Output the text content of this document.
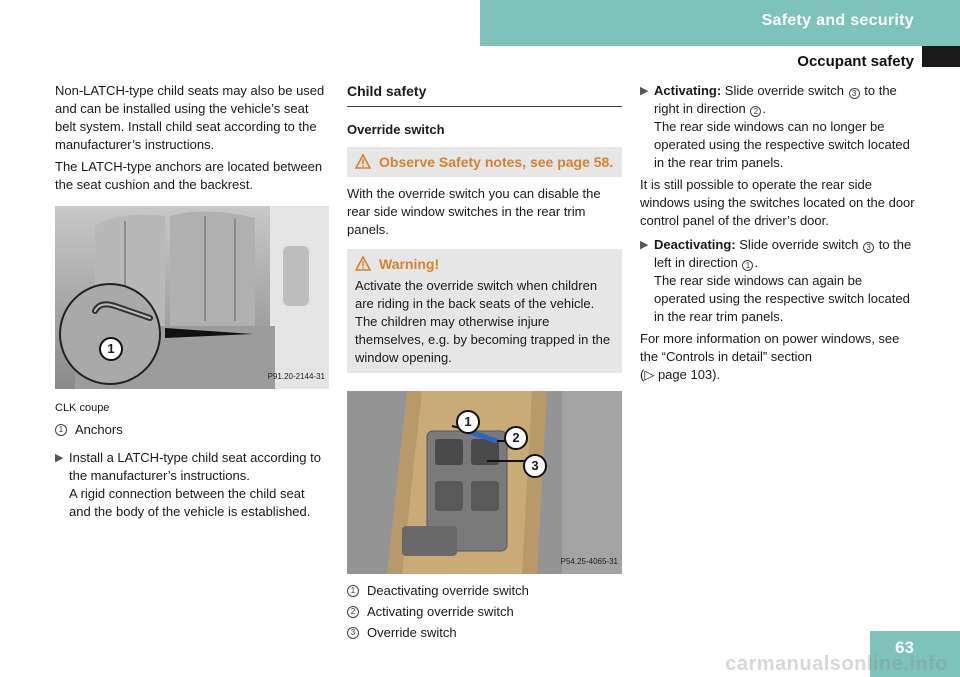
Safety and security
Occupant safety

Non-LATCH-type child seats may also be used and can be installed using the vehicle’s seat belt system. Install child seat according to the manufacturer’s instructions.

The LATCH-type anchors are located between the seat cushion and the backrest.

1
P91.20-2144-31
CLK coupe
1 Anchors
▶ Install a LATCH-type child seat according to the manufacturer’s instructions.
A rigid connection between the child seat and the body of the vehicle is established.
Child safety
Override switch
Observe Safety notes, see page 58.

With the override switch you can disable the rear side window switches in the rear trim panels.

Warning!
Activate the override switch when children are riding in the back seats of the vehicle. The children may otherwise injure themselves, e.g. by becoming trapped in the window opening.
1
2
3
P54.25-4065-31
1 Deactivating override switch
2 Activating override switch
3 Override switch
▶ Activating: Slide override switch 3 to the right in direction 2 .
The rear side windows can no longer be operated using the respective switch located in the rear trim panels.

It is still possible to operate the rear side windows using the switches located on the door control panel of the driver’s door.

▶ Deactivating: Slide override switch 3 to the left in direction 1 .
The rear side windows can again be operated using the respective switch located in the rear trim panels.

For more information on power windows, see the “Controls in detail” section
(▷ page 103).

63
carmanualsonline.info
